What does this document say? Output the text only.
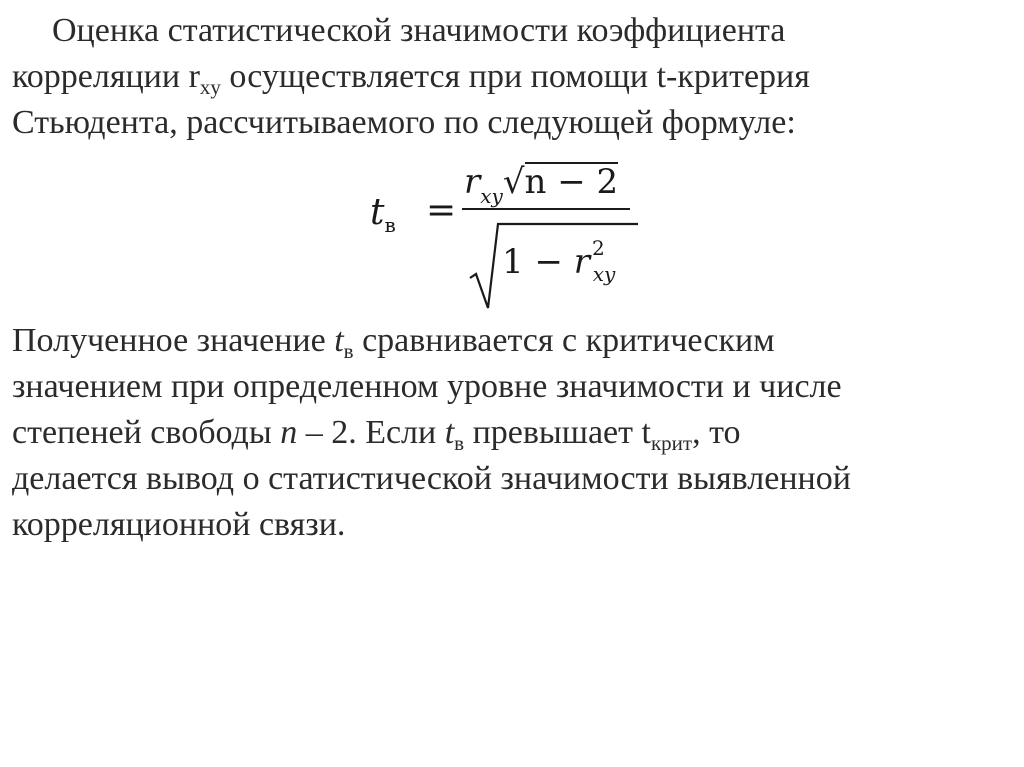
Оценка статистической значимости коэффициента
корреляции $r_{xy}$ осуществляется при помощи t-критерия
Стьюдента, рассчитываемого по следующей формуле:

$t_в$ =
$r_{xy}√n - 2$
1 − r $^2_{xy}$

Полученное значение $t_в$ сравнивается с критическим
значением при определенном уровне значимости и числе
степеней свободы n – 2. Если $t_в$ превышает $t_{крит}$, то
делается вывод о статистической значимости выявленной
корреляционной связи.
